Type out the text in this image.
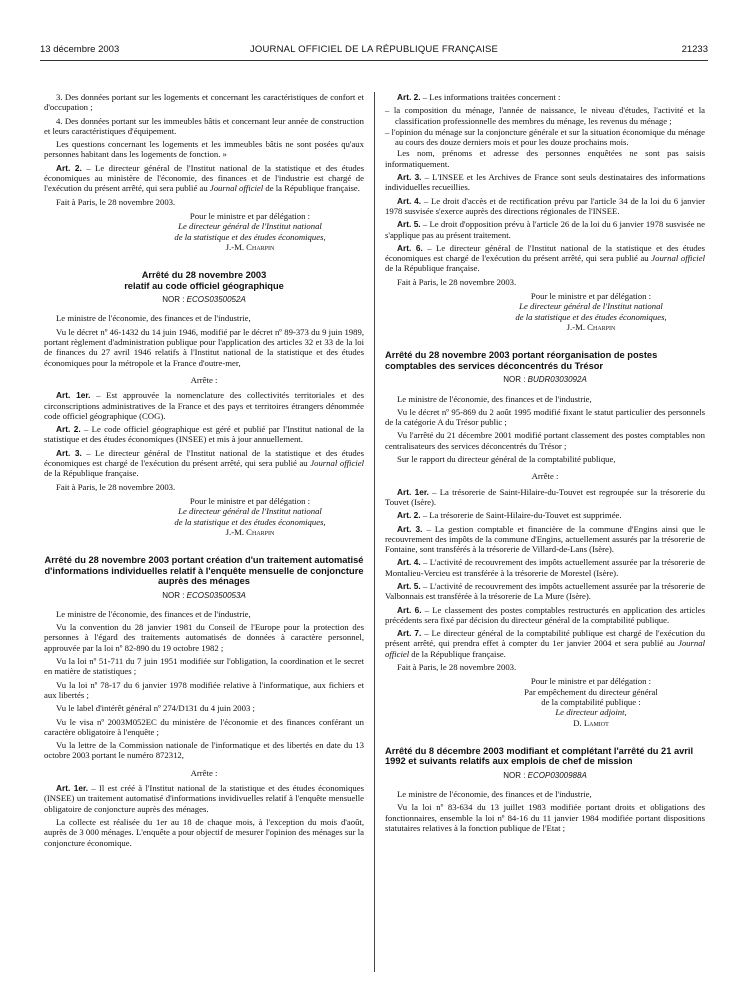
13 décembre 2003	JOURNAL OFFICIEL DE LA RÉPUBLIQUE FRANÇAISE	21233

3. Des données portant sur les logements et concernant les caractéristiques de confort et d'occupation ;

4. Des données portant sur les immeubles bâtis et concernant leur année de construction et leurs caractéristiques d'équipement.

Les questions concernant les logements et les immeubles bâtis ne sont posées qu'aux personnes habitant dans les logements de fonction. »

Art. 2. – Le directeur général de l'Institut national de la statistique et des études économiques au ministère de l'économie, des finances et de l'industrie est chargé de l'exécution du présent arrêté, qui sera publié au Journal officiel de la République française.

Fait à Paris, le 28 novembre 2003.

Pour le ministre et par délégation :
Le directeur général de l'Institut national
de la statistique et des études économiques,
J.-M. Charpin
Arrêté du 28 novembre 2003
relatif au code officiel géographique
NOR : ECOS0350052A

Le ministre de l'économie, des finances et de l'industrie,

Vu le décret nº 46-1432 du 14 juin 1946, modifié par le décret nº 89-373 du 9 juin 1989, portant règlement d'administration publique pour l'application des articles 32 et 33 de la loi de finances du 27 avril 1946 relatifs à l'Institut national de la statistique et des études économiques pour la métropole et la France d'outre-mer,

Arrête :

Art. 1er. – Est approuvée la nomenclature des collectivités territoriales et des circonscriptions administratives de la France et des pays et territoires étrangers dénommée code officiel géographique (COG).

Art. 2. – Le code officiel géographique est géré et publié par l'Institut national de la statistique et des études économiques (INSEE) et mis à jour annuellement.

Art. 3. – Le directeur général de l'Institut national de la statistique et des études économiques est chargé de l'exécution du présent arrêté, qui sera publié au Journal officiel de la République française.

Fait à Paris, le 28 novembre 2003.

Pour le ministre et par délégation :
Le directeur général de l'Institut national
de la statistique et des études économiques,
J.-M. Charpin
Arrêté du 28 novembre 2003 portant création d'un traitement automatisé d'informations individuelles relatif à l'enquête mensuelle de conjoncture auprès des ménages
NOR : ECOS0350053A

Le ministre de l'économie, des finances et de l'industrie,

Vu la convention du 28 janvier 1981 du Conseil de l'Europe pour la protection des personnes à l'égard des traitements automatisés de données à caractère personnel, approuvée par la loi nº 82-890 du 19 octobre 1982 ;

Vu la loi nº 51-711 du 7 juin 1951 modifiée sur l'obligation, la coordination et le secret en matière de statistiques ;

Vu la loi nº 78-17 du 6 janvier 1978 modifiée relative à l'informatique, aux fichiers et aux libertés ;

Vu le label d'intérêt général nº 274/D131 du 4 juin 2003 ;

Vu le visa nº 2003M052EC du ministère de l'économie et des finances conférant un caractère obligatoire à l'enquête ;

Vu la lettre de la Commission nationale de l'informatique et des libertés en date du 13 octobre 2003 portant le numéro 872312,

Arrête :

Art. 1er. – Il est créé à l'Institut national de la statistique et des études économiques (INSEE) un traitement automatisé d'informations invidivuelles relatif à l'enquête mensuelle obligatoire de conjoncture auprès des ménages.

La collecte est réalisée du 1er au 18 de chaque mois, à l'exception du mois d'août, auprès de 3 000 ménages. L'enquête a pour objectif de mesurer l'opinion des ménages sur la conjoncture économique.

Art. 2. – Les informations traitées concernent :

– la composition du ménage, l'année de naissance, le niveau d'études, l'activité et la classification professionnelle des membres du ménage, les revenus du ménage ;

– l'opinion du ménage sur la conjoncture générale et sur la situation économique du ménage au cours des douze derniers mois et pour les douze prochains mois.

Les nom, prénoms et adresse des personnes enquêtées ne sont pas saisis informatiquement.

Art. 3. – L'INSEE et les Archives de France sont seuls destinataires des informations individuelles recueillies.

Art. 4. – Le droit d'accès et de rectification prévu par l'article 34 de la loi du 6 janvier 1978 susvisée s'exerce auprès des directions régionales de l'INSEE.

Art. 5. – Le droit d'opposition prévu à l'article 26 de la loi du 6 janvier 1978 susvisée ne s'applique pas au présent traitement.

Art. 6. – Le directeur général de l'Institut national de la statistique et des études économiques est chargé de l'exécution du présent arrêté, qui sera publié au Journal officiel de la République française.

Fait à Paris, le 28 novembre 2003.

Pour le ministre et par délégation :
Le directeur général de l'Institut national
de la statistique et des études économiques,
J.-M. Charpin
Arrêté du 28 novembre 2003 portant réorganisation de postes comptables des services déconcentrés du Trésor
NOR : BUDR0303092A

Le ministre de l'économie, des finances et de l'industrie,

Vu le décret nº 95-869 du 2 août 1995 modifié fixant le statut particulier des personnels de la catégorie A du Trésor public ;

Vu l'arrêté du 21 décembre 2001 modifié portant classement des postes comptables non centralisateurs des services déconcentrés du Trésor ;

Sur le rapport du directeur général de la comptabilité publique,

Arrête :

Art. 1er. – La trésorerie de Saint-Hilaire-du-Touvet est regroupée sur la trésorerie du Touvet (Isère).

Art. 2. – La trésorerie de Saint-Hilaire-du-Touvet est supprimée.

Art. 3. – La gestion comptable et financière de la commune d'Engins ainsi que le recouvrement des impôts de la commune d'Engins, actuellement assurés par la trésorerie de Fontaine, sont transférés à la trésorerie de Villard-de-Lans (Isère).

Art. 4. – L'activité de recouvrement des impôts actuellement assurée par la trésorerie de Montalieu-Vercieu est transférée à la trésorerie de Morestel (Isère).

Art. 5. – L'activité de recouvrement des impôts actuellement assurée par la trésorerie de Valbonnais est transférée à la trésorerie de La Mure (Isère).

Art. 6. – Le classement des postes comptables restructurés en application des articles précédents sera fixé par décision du directeur général de la comptabilité publique.

Art. 7. – Le directeur général de la comptabilité publique est chargé de l'exécution du présent arrêté, qui prendra effet à compter du 1er janvier 2004 et sera publié au Journal officiel de la République française.

Fait à Paris, le 28 novembre 2003.

Pour le ministre et par délégation :
Par empêchement du directeur général
de la comptabilité publique :
Le directeur adjoint,
D. Lamiot
Arrêté du 8 décembre 2003 modifiant et complétant l'arrêté du 21 avril 1992 et suivants relatifs aux emplois de chef de mission
NOR : ECOP0300988A

Le ministre de l'économie, des finances et de l'industrie,

Vu la loi nº 83-634 du 13 juillet 1983 modifiée portant droits et obligations des fonctionnaires, ensemble la loi nº 84-16 du 11 janvier 1984 modifiée portant dispositions statutaires relatives à la fonction publique de l'Etat ;
